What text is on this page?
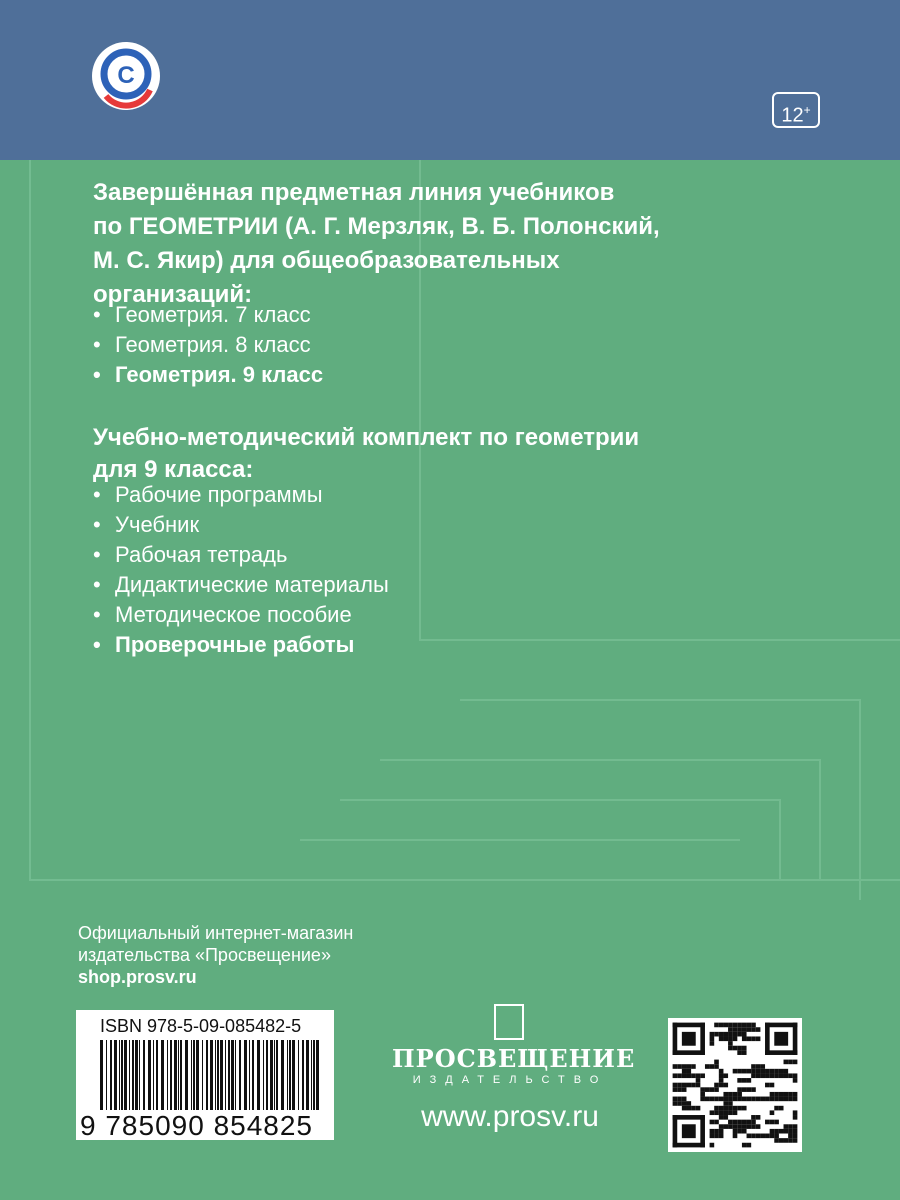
C
12+
Завершённая предметная линия учебников
по ГЕОМЕТРИИ (А. Г. Мерзляк, В. Б. Полонский,
М. С. Якир) для общеобразовательных
организаций:
• Геометрия. 7 класс
• Геометрия. 8 класс
• Геометрия. 9 класс
Учебно-методический комплект по геометрии
для 9 класса:
• Рабочие программы
• Учебник
• Рабочая тетрадь
• Дидактические материалы
• Методическое пособие
• Проверочные работы
Официальный интернет-магазин
издательства «Просвещение»
shop.prosv.ru
ISBN 978-5-09-085482-5
9 785090 854825
ПРОСВЕЩЕНИЕ
ИЗДАТЕЛЬСТВО
www.prosv.ru
